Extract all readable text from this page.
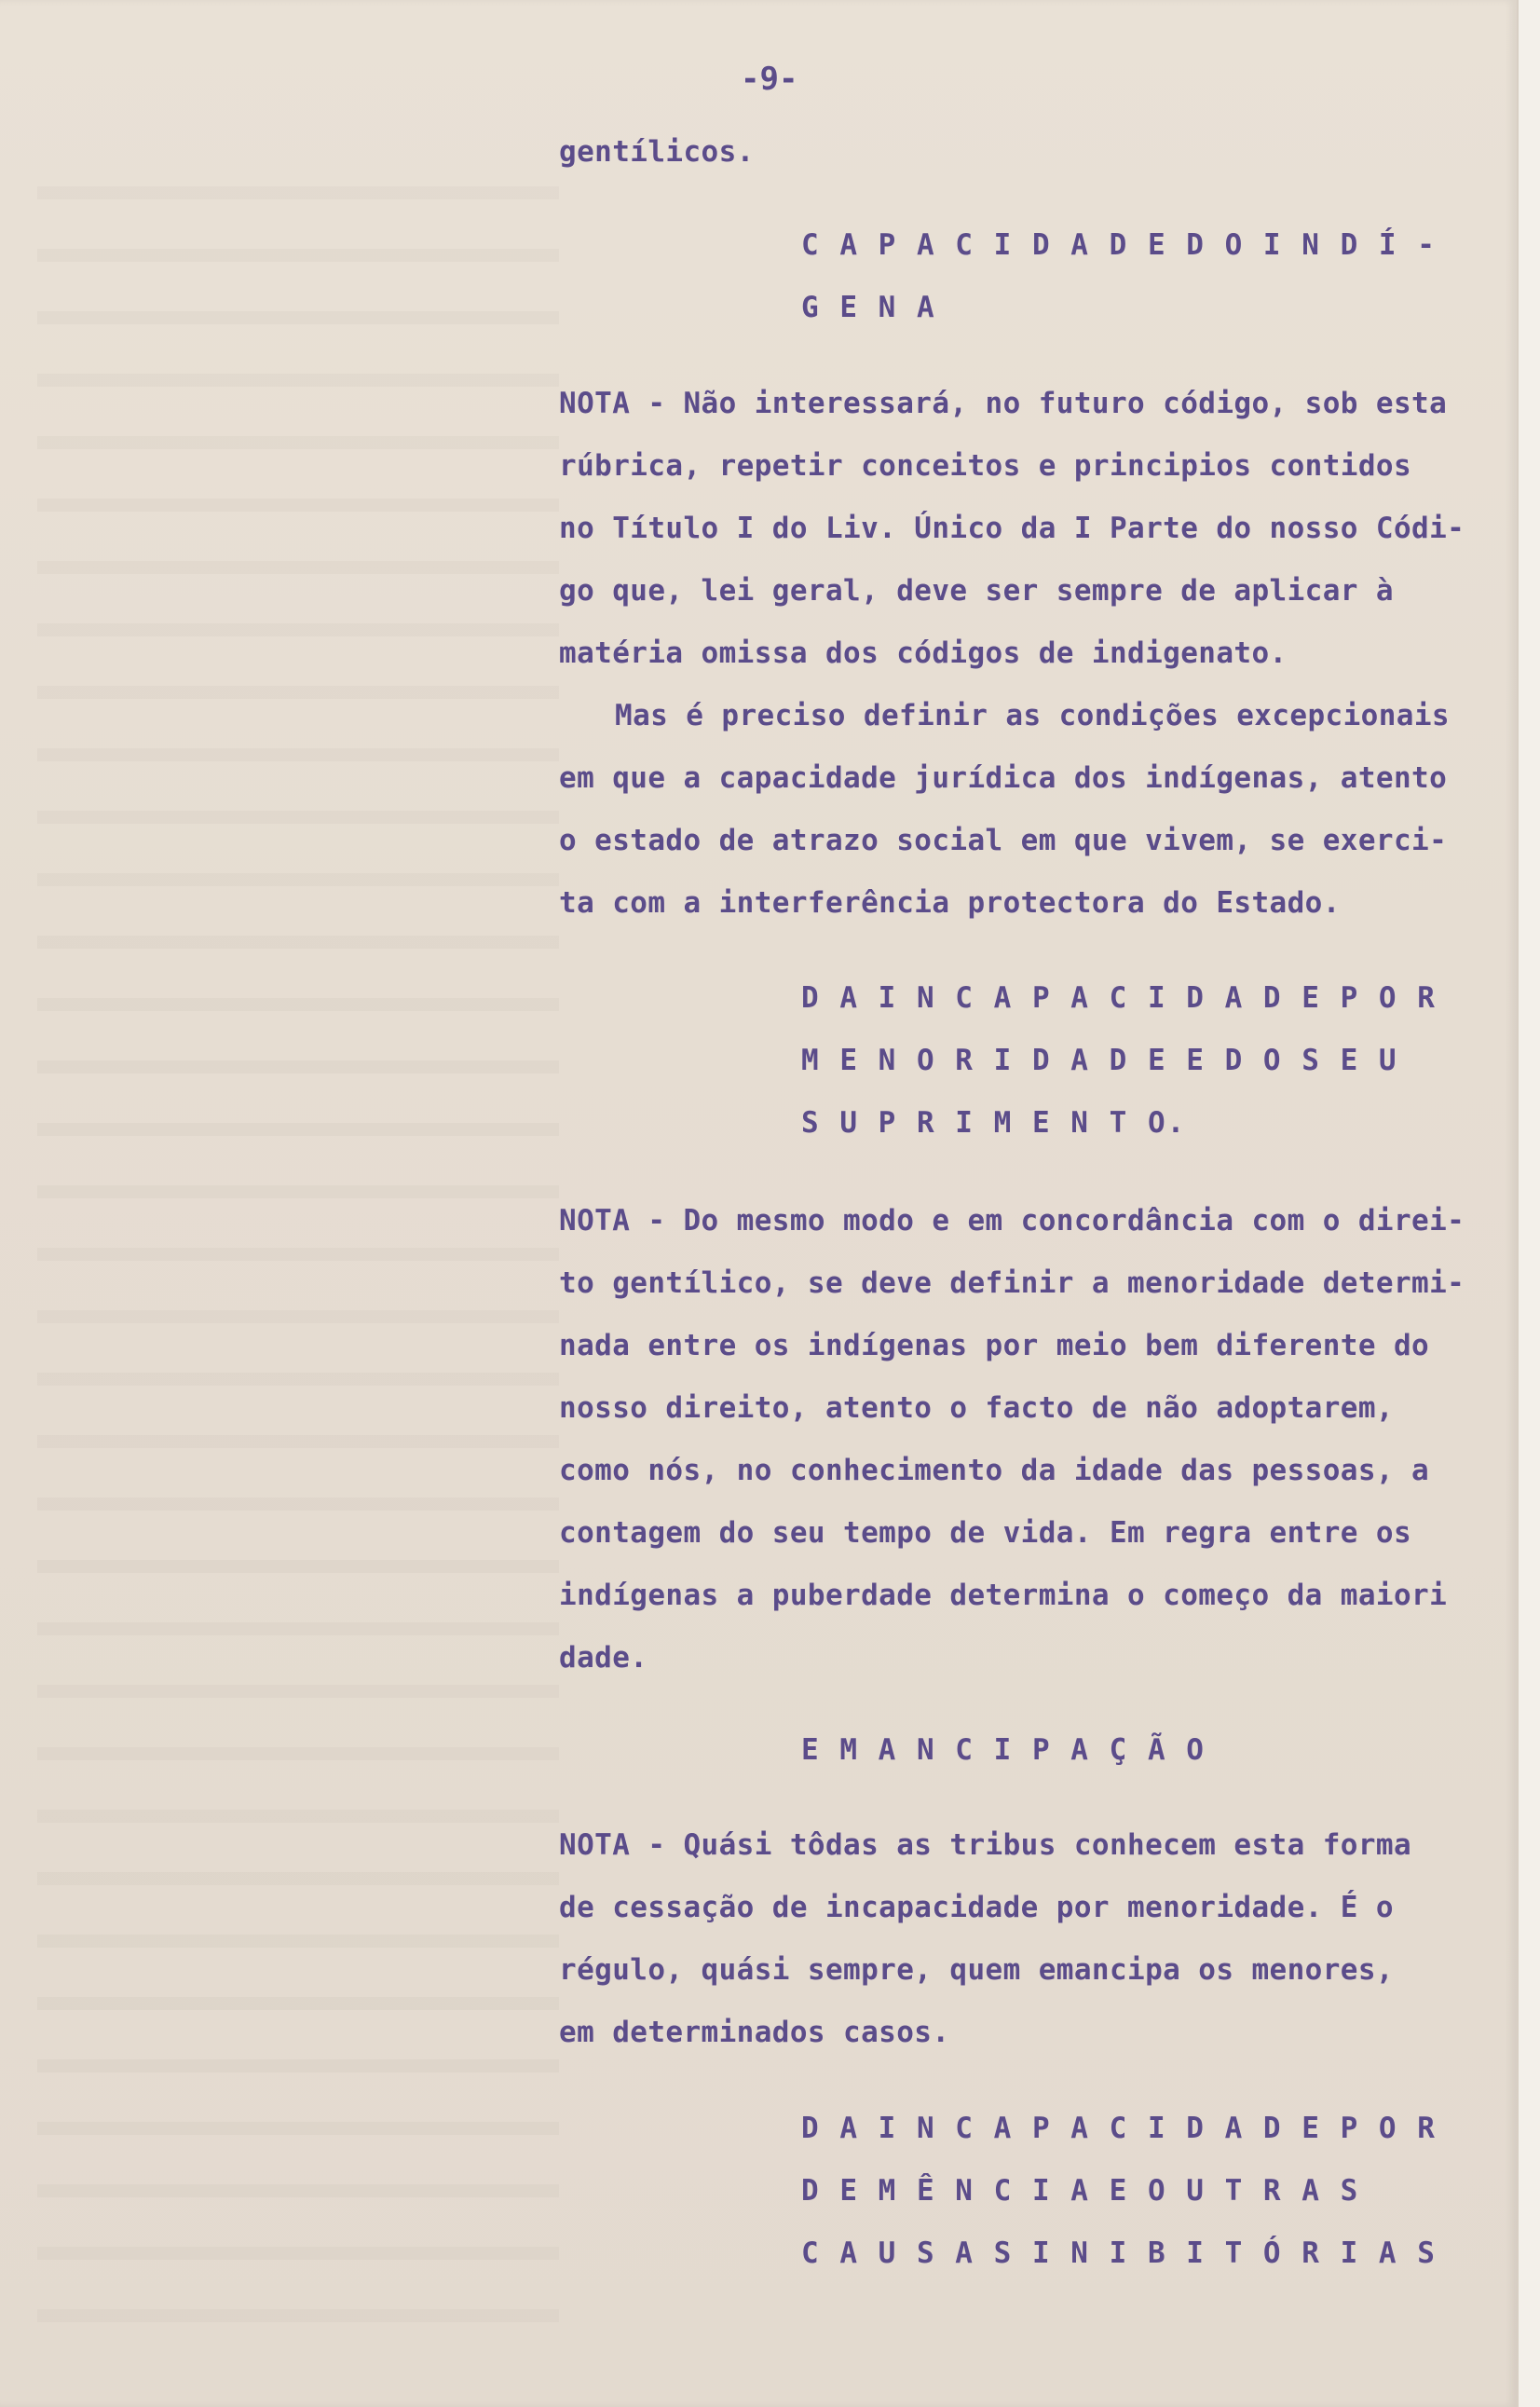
-9-
gentílicos.
C A P A C I D A D E D O I N D Í -
G E N A
NOTA - Não interessará, no futuro código, sob esta
rúbrica, repetir conceitos e principios contidos
no Título I do Liv. Único da I Parte do nosso Códi-
go que, lei geral, deve ser sempre de aplicar à
matéria omissa dos códigos de indigenato.
Mas é preciso definir as condições excepcionais
em que a capacidade jurídica dos indígenas, atento
o estado de atrazo social em que vivem, se exerci-
ta com a interferência protectora do Estado.
D A I N C A P A C I D A D E P O R
M E N O R I D A D E E D O S E U
S U P R I M E N T O.
NOTA - Do mesmo modo e em concordância com o direi-
to gentílico, se deve definir a menoridade determi-
nada entre os indígenas por meio bem diferente do
nosso direito, atento o facto de não adoptarem,
como nós, no conhecimento da idade das pessoas, a
contagem do seu tempo de vida. Em regra entre os
indígenas a puberdade determina o começo da maiori
dade.
E M A N C I P A Ç Ã O
NOTA - Quási tôdas as tribus conhecem esta forma
de cessação de incapacidade por menoridade. É o
régulo, quási sempre, quem emancipa os menores,
em determinados casos.
D A I N C A P A C I D A D E P O R
D E M Ê N C I A E O U T R A S
C A U S A S I N I B I T Ó R I A S
